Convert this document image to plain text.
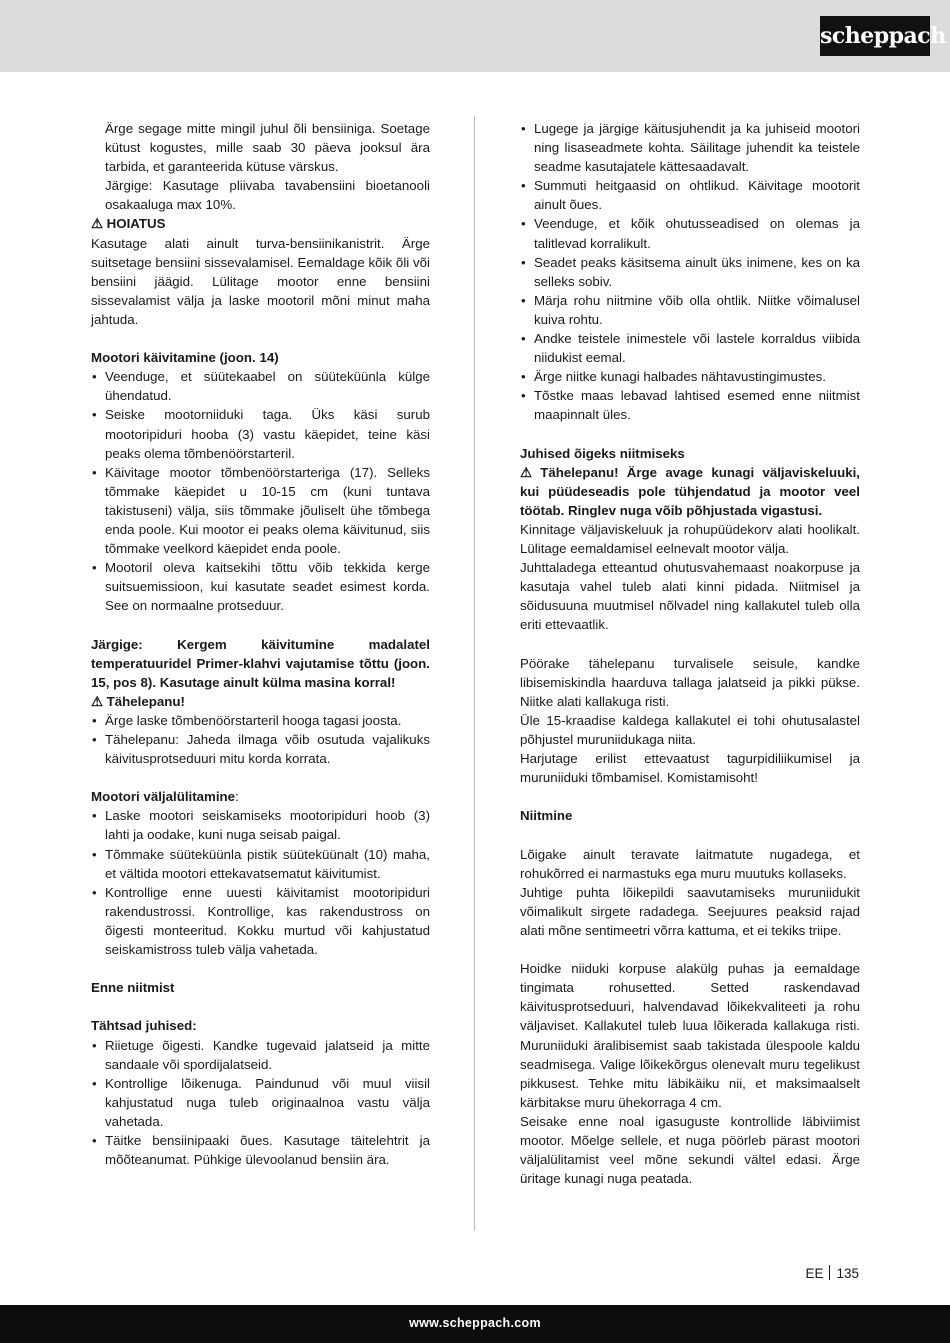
scheppach

Ärge segage mitte mingil juhul õli bensiiniga. Soetage kütust kogustes, mille saab 30 päeva jooksul ära tarbida, et garanteerida kütuse värskus.

Järgige: Kasutage pliivaba tavabensiini bioetanooli osakaaluga max 10%.

⚠ HOIATUS

Kasutage alati ainult turva-bensiinikanistrit. Ärge suitsetage bensiini sissevalamisel. Eemaldage kõik õli või bensiini jäägid. Lülitage mootor enne bensiini sissevalamist välja ja laske mootoril mõni minut maha jahtuda.

Mootori käivitamine (joon. 14)

• Veenduge, et süütekaabel on süüteküünla külge ühendatud.
• Seiske mootorniiduki taga. Üks käsi surub mootoripiduri hooba (3) vastu käepidet, teine käsi peaks olema tõmbenöörstarteril.
• Käivitage mootor tõmbenöörstarteriga (17). Selleks tõmmake käepidet u 10-15 cm (kuni tuntava takistuseni) välja, siis tõmmake jõuliselt ühe tõmbega enda poole. Kui mootor ei peaks olema käivitunud, siis tõmmake veelkord käepidet enda poole.
• Mootoril oleva kaitsekihi tõttu võib tekkida kerge suitsuemissioon, kui kasutate seadet esimest korda. See on normaalne protseduur.

Järgige: Kergem käivitumine madalatel temperatuuridel Primer-klahvi vajutamise tõttu (joon. 15, pos 8). Kasutage ainult külma masina korral!

⚠ Tähelepanu!

• Ärge laske tõmbenöörstarteril hooga tagasi joosta.
• Tähelepanu: Jaheda ilmaga võib osutuda vajalikuks käivitusprotseduuri mitu korda korrata.

Mootori väljalülitamine:

• Laske mootori seiskamiseks mootoripiduri hoob (3) lahti ja oodake, kuni nuga seisab paigal.
• Tõmmake süüteküünla pistik süüteküünalt (10) maha, et vältida mootori ettekavatsematut käivitumist.
• Kontrollige enne uuesti käivitamist mootoripiduri rakendustrossi. Kontrollige, kas rakendustross on õigesti monteeritud. Kokku murtud või kahjustatud seiskamistross tuleb välja vahetada.

Enne niitmist

Tähtsad juhised:

• Riietuge õigesti. Kandke tugevaid jalatseid ja mitte sandaale või spordijalatseid.
• Kontrollige lõikenuga. Paindunud või muul viisil kahjustatud nuga tuleb originaalnoa vastu välja vahetada.
• Täitke bensiinipaaki õues. Kasutage täitelehtrit ja mõõteanumat. Pühkige ülevoolanud bensiin ära.
• Lugege ja järgige käitusjuhendit ja ka juhiseid mootori ning lisaseadmete kohta. Säilitage juhendit ka teistele seadme kasutajatele kättesaadavalt.
• Summuti heitgaasid on ohtlikud. Käivitage mootorit ainult õues.
• Veenduge, et kõik ohutusseadised on olemas ja talitlevad korralikult.
• Seadet peaks käsitsema ainult üks inimene, kes on ka selleks sobiv.
• Märja rohu niitmine võib olla ohtlik. Niitke võimalusel kuiva rohtu.
• Andke teistele inimestele või lastele korraldus viibida niidukist eemal.
• Ärge niitke kunagi halbades nähtavustingimustes.
• Tõstke maas lebavad lahtised esemed enne niitmist maapinnalt üles.

Juhised õigeks niitmiseks

⚠ Tähelepanu! Ärge avage kunagi väljaviskeluuki, kui püüdeseadis pole tühjendatud ja mootor veel töötab. Ringlev nuga võib põhjustada vigastusi.

Kinnitage väljaviskeluuk ja rohupüüdekorv alati hoolikalt. Lülitage eemaldamisel eelnevalt mootor välja.

Juhttaladega etteantud ohutusvahemaast noakorpuse ja kasutaja vahel tuleb alati kinni pidada. Niitmisel ja sõidusuuna muutmisel nõlvadel ning kallakutel tuleb olla eriti ettevaatlik.

Pöörake tähelepanu turvalisele seisule, kandke libisemiskindla haarduva tallaga jalatseid ja pikki pükse. Niitke alati kallakuga risti.

Üle 15-kraadise kaldega kallakutel ei tohi ohutusalastel põhjustel muruniidukaga niita.

Harjutage erilist ettevaatust tagurpidiliikumisel ja muruniiduki tõmbamisel. Komistamisoht!

Niitmine

Lõigake ainult teravate laitmatute nugadega, et rohukõrred ei narmastuks ega muru muutuks kollaseks.

Juhtige puhta lõikepildi saavutamiseks muruniidukit võimalikult sirgete radadega. Seejuures peaksid rajad alati mõne sentimeetri võrra kattuma, et ei tekiks triipe.

Hoidke niiduki korpuse alakülg puhas ja eemaldage tingimata rohusetted. Setted raskendavad käivitusprotseduuri, halvendavad lõikekvaliteeti ja rohu väljaviset. Kallakutel tuleb luua lõikerada kallakuga risti. Muruniiduki äralibisemist saab takistada ülespoole kaldu seadmisega. Valige lõikekõrgus olenevalt muru tegelikust pikkusest. Tehke mitu läbikäiku nii, et maksimaalselt kärbitakse muru ühekorraga 4 cm.

Seisake enne noal igasuguste kontrollide läbiviimist mootor. Mõelge sellele, et nuga pöörleb pärast mootori väljalülitamist veel mõne sekundi vältel edasi. Ärge üritage kunagi nuga peatada.

EE 135
www.scheppach.com
